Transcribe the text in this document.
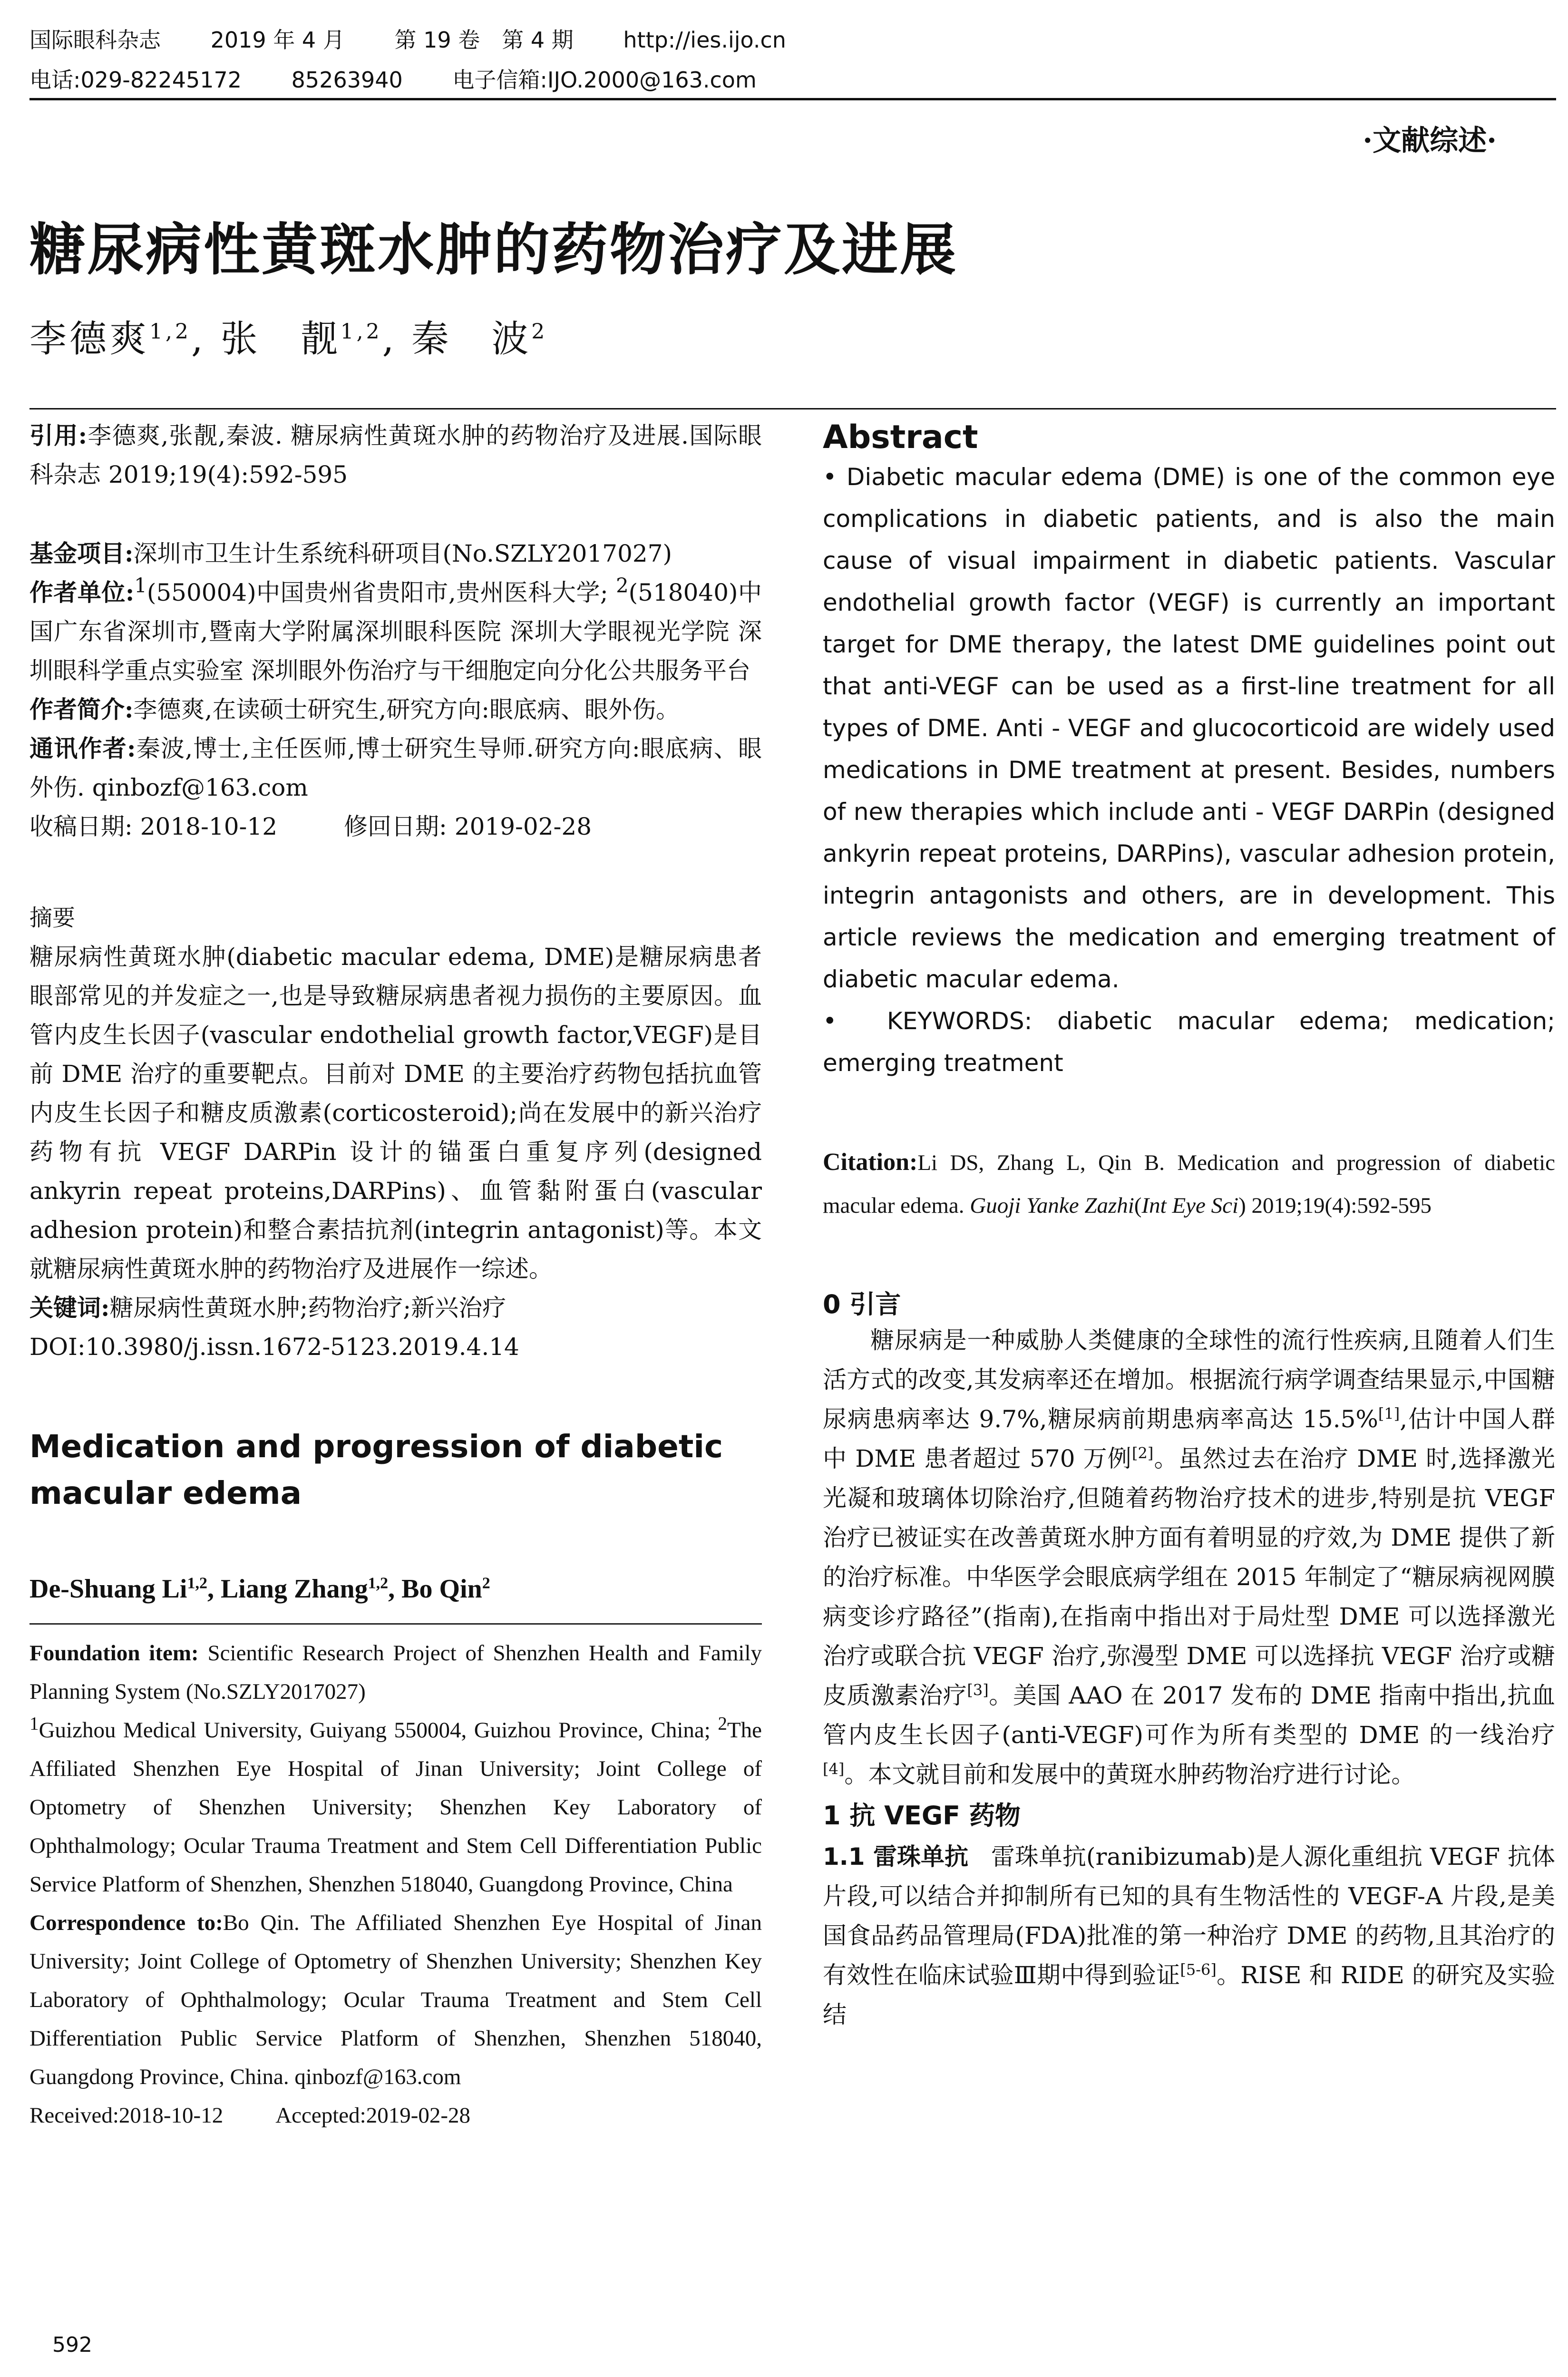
国际眼科杂志 2019 年 4 月 第 19 卷　第 4 期 http://ies.ijo.cn
电话:029-82245172 85263940 电子信箱:IJO.2000@163.com
·文献综述·
糖尿病性黄斑水肿的药物治疗及进展
李德爽$^{1,2}$, 张　靓$^{1,2}$, 秦　波$^2$

引用:李德爽,张靓,秦波. 糖尿病性黄斑水肿的药物治疗及进展.国际眼科杂志 2019;19(4):592-595

基金项目:深圳市卫生计生系统科研项目(No.SZLY2017027)

作者单位:$^1$(550004)中国贵州省贵阳市,贵州医科大学; $^2$(518040)中国广东省深圳市,暨南大学附属深圳眼科医院 深圳大学眼视光学院 深圳眼科学重点实验室 深圳眼外伤治疗与干细胞定向分化公共服务平台

作者简介:李德爽,在读硕士研究生,研究方向:眼底病、眼外伤。

通讯作者:秦波,博士,主任医师,博士研究生导师.研究方向:眼底病、眼外伤. qinbozf@163.com

收稿日期: 2018-10-12	修回日期: 2019-02-28

摘要

糖尿病性黄斑水肿(diabetic macular edema, DME)是糖尿病患者眼部常见的并发症之一,也是导致糖尿病患者视力损伤的主要原因。血管内皮生长因子(vascular endothelial growth factor,VEGF)是目前 DME 治疗的重要靶点。目前对 DME 的主要治疗药物包括抗血管内皮生长因子和糖皮质激素(corticosteroid);尚在发展中的新兴治疗药物有抗 VEGF DARPin 设计的锚蛋白重复序列(designed ankyrin repeat proteins,DARPins)、血管黏附蛋白(vascular adhesion protein)和整合素拮抗剂(integrin antagonist)等。本文就糖尿病性黄斑水肿的药物治疗及进展作一综述。

关键词:糖尿病性黄斑水肿;药物治疗;新兴治疗

DOI:10.3980/j.issn.1672-5123.2019.4.14

Medication and progression of diabetic macular edema

De-Shuang Li$^{1,2}$, Liang Zhang$^{1,2}$, Bo Qin$^2$

Foundation item: Scientific Research Project of Shenzhen Health and Family Planning System (No.SZLY2017027)

$^1$Guizhou Medical University, Guiyang 550004, Guizhou Province, China; $^2$The Affiliated Shenzhen Eye Hospital of Jinan University; Joint College of Optometry of Shenzhen University; Shenzhen Key Laboratory of Ophthalmology; Ocular Trauma Treatment and Stem Cell Differentiation Public Service Platform of Shenzhen, Shenzhen 518040, Guangdong Province, China

Correspondence to:Bo Qin. The Affiliated Shenzhen Eye Hospital of Jinan University; Joint College of Optometry of Shenzhen University; Shenzhen Key Laboratory of Ophthalmology; Ocular Trauma Treatment and Stem Cell Differentiation Public Service Platform of Shenzhen, Shenzhen 518040, Guangdong Province, China. qinbozf@163.com

Received:2018-10-12 Accepted:2019-02-28

Abstract

• Diabetic macular edema (DME) is one of the common eye complications in diabetic patients, and is also the main cause of visual impairment in diabetic patients. Vascular endothelial growth factor (VEGF) is currently an important target for DME therapy, the latest DME guidelines point out that anti-VEGF can be used as a first-line treatment for all types of DME. Anti - VEGF and glucocorticoid are widely used medications in DME treatment at present. Besides, numbers of new therapies which include anti - VEGF DARPin (designed ankyrin repeat proteins, DARPins), vascular adhesion protein, integrin antagonists and others, are in development. This article reviews the medication and emerging treatment of diabetic macular edema.

•  KEYWORDS: diabetic macular edema; medication; emerging treatment

Citation:Li DS, Zhang L, Qin B. Medication and progression of diabetic macular edema. Guoji Yanke Zazhi(Int Eye Sci) 2019;19(4):592-595

0 引言

糖尿病是一种威胁人类健康的全球性的流行性疾病,且随着人们生活方式的改变,其发病率还在增加。根据流行病学调查结果显示,中国糖尿病患病率达 9.7%,糖尿病前期患病率高达 15.5%[1],估计中国人群中 DME 患者超过 570 万例[2]。虽然过去在治疗 DME 时,选择激光光凝和玻璃体切除治疗,但随着药物治疗技术的进步,特别是抗 VEGF 治疗已被证实在改善黄斑水肿方面有着明显的疗效,为 DME 提供了新的治疗标准。中华医学会眼底病学组在 2015 年制定了“糖尿病视网膜病变诊疗路径”(指南),在指南中指出对于局灶型 DME 可以选择激光治疗或联合抗 VEGF 治疗,弥漫型 DME 可以选择抗 VEGF 治疗或糖皮质激素治疗[3]。美国 AAO 在 2017 发布的 DME 指南中指出,抗血管内皮生长因子(anti-VEGF)可作为所有类型的 DME 的一线治疗[4]。本文就目前和发展中的黄斑水肿药物治疗进行讨论。

1 抗 VEGF 药物

1.1 雷珠单抗 雷珠单抗(ranibizumab)是人源化重组抗 VEGF 抗体片段,可以结合并抑制所有已知的具有生物活性的 VEGF-A 片段,是美国食品药品管理局(FDA)批准的第一种治疗 DME 的药物,且其治疗的有效性在临床试验Ⅲ期中得到验证[5-6]。RISE 和 RIDE 的研究及实验结

592
